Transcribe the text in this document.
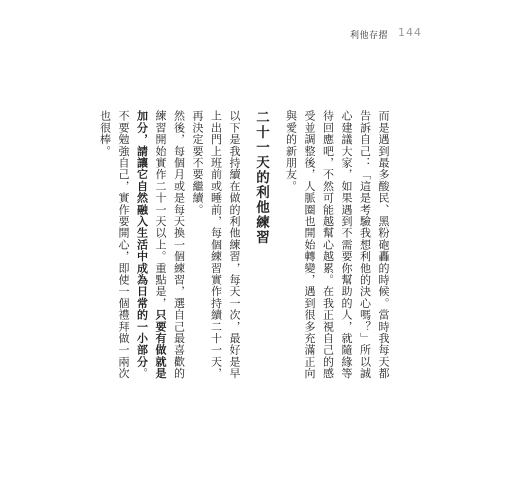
利他存摺 144

而是遇到最多酸民、黑粉砲轟的時候。當時我每天都告訴自己：「這是考驗我想利他的決心嗎？」所以誠心建議大家，如果遇到不需要你幫助的人，就隨緣等待回應吧，不然可能越幫心越累。在我正視自己的感受並調整後，人脈圈也開始轉變，遇到很多充滿正向與愛的新朋友。

二十一天的利他練習

以下是我持續在做的利他練習，每天一次，最好是早上出門上班前或睡前，每個練習實作持續二十一天，再決定要不要繼續。

然後，每個月或是每天換一個練習，選自己最喜歡的練習開始實作二十一天以上。重點是，只要有做就是加分，請讓它自然融入生活中成為日常的一小部分。不要勉強自己，實作要開心，即使一個禮拜做一兩次也很棒。
